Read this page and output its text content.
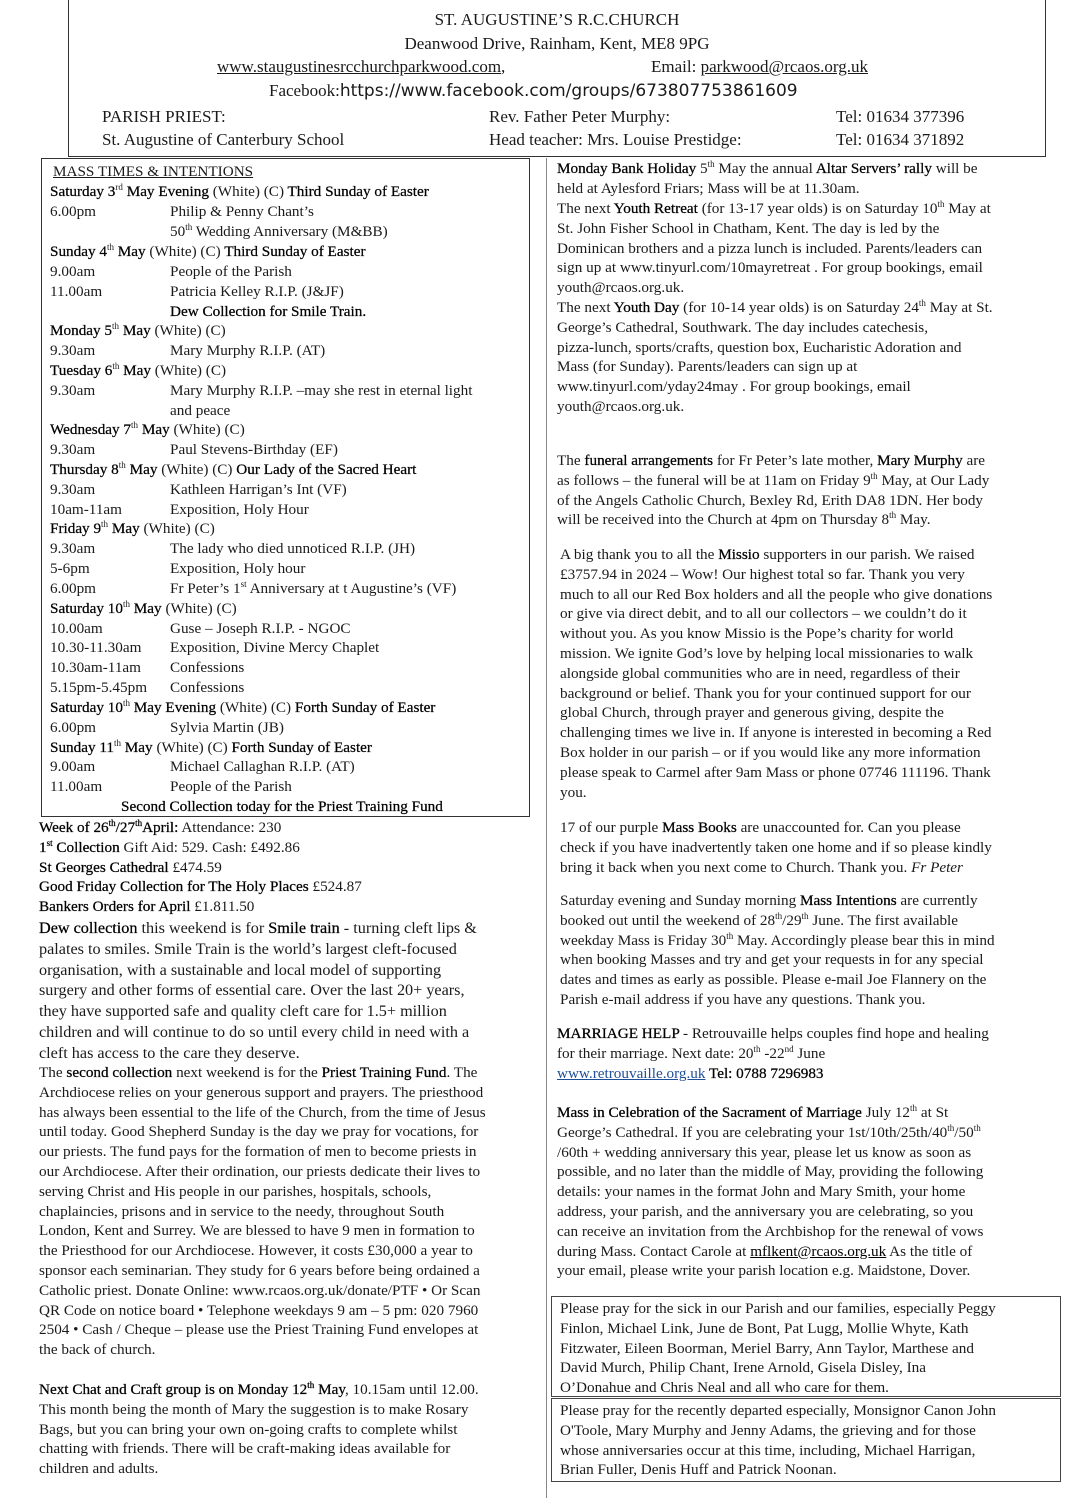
ST. AUGUSTINE’S R.C.CHURCH
Deanwood Drive, Rainham, Kent, ME8 9PG
www.staugustinesrcchurchparkwood.com,	Email: parkwood@rcaos.org.uk
Facebook:https://www.facebook.com/groups/673807753861609
PARISH PRIEST:	Rev. Father Peter Murphy:	Tel: 01634 377396
St. Augustine of Canterbury School	Head teacher: Mrs. Louise Prestidge:	Tel: 01634 371892
MASS TIMES & INTENTIONS
Saturday 3rd May Evening (White) (C) Third Sunday of Easter
6.00pm	Philip & Penny Chant’s
50th Wedding Anniversary (M&BB)
Sunday 4th May (White) (C) Third Sunday of Easter
9.00am	People of the Parish
11.00am	Patricia Kelley R.I.P. (J&JF)
Dew Collection for Smile Train.
Monday 5th May (White) (C)
9.30am	Mary Murphy R.I.P. (AT)
Tuesday 6th May (White) (C)
9.30am	Mary Murphy R.I.P. –may she rest in eternal light
and peace
Wednesday 7th May (White) (C)
9.30am	Paul Stevens-Birthday (EF)
Thursday 8th May (White) (C) Our Lady of the Sacred Heart
9.30am	Kathleen Harrigan’s Int (VF)
10am-11am	Exposition, Holy Hour
Friday 9th May (White) (C)
9.30am	The lady who died unnoticed R.I.P. (JH)
5-6pm	Exposition, Holy hour
6.00pm	Fr Peter’s 1st Anniversary at t Augustine’s (VF)
Saturday 10th May (White) (C)
10.00am	Guse – Joseph R.I.P. - NGOC
10.30-11.30am Exposition, Divine Mercy Chaplet
10.30am-11am Confessions
5.15pm-5.45pm Confessions
Saturday 10th May Evening (White) (C) Forth Sunday of Easter
6.00pm	Sylvia Martin (JB)
Sunday 11th May (White) (C) Forth Sunday of Easter
9.00am	Michael Callaghan R.I.P. (AT)
11.00am	People of the Parish
Second Collection today for the Priest Training Fund
Week of 26th/27thApril: Attendance: 230
1st Collection Gift Aid: 529. Cash: £492.86
St Georges Cathedral £474.59
Good Friday Collection for The Holy Places £524.87
Bankers Orders for April £1.811.50
Dew collection this weekend is for Smile train - turning cleft lips &
palates to smiles. Smile Train is the world’s largest cleft-focused
organisation, with a sustainable and local model of supporting
surgery and other forms of essential care. Over the last 20+ years,
they have supported safe and quality cleft care for 1.5+ million
children and will continue to do so until every child in need with a
cleft has access to the care they deserve.
The second collection next weekend is for the Priest Training Fund. The
Archdiocese relies on your generous support and prayers. The priesthood
has always been essential to the life of the Church, from the time of Jesus
until today. Good Shepherd Sunday is the day we pray for vocations, for
our priests. The fund pays for the formation of men to become priests in
our Archdiocese. After their ordination, our priests dedicate their lives to
serving Christ and His people in our parishes, hospitals, schools,
chaplaincies, prisons and in service to the needy, throughout South
London, Kent and Surrey. We are blessed to have 9 men in formation to
the Priesthood for our Archdiocese. However, it costs £30,000 a year to
sponsor each seminarian. They study for 6 years before being ordained a
Catholic priest. Donate Online: www.rcaos.org.uk/donate/PTF • Or Scan
QR Code on notice board • Telephone weekdays 9 am – 5 pm: 020 7960
2504 • Cash / Cheque – please use the Priest Training Fund envelopes at
the back of church.
Next Chat and Craft group is on Monday 12th May, 10.15am until 12.00.
This month being the month of Mary the suggestion is to make Rosary
Bags, but you can bring your own on-going crafts to complete whilst
chatting with friends. There will be craft-making ideas available for
children and adults.
Monday Bank Holiday 5th May the annual Altar Servers’ rally will be
held at Aylesford Friars; Mass will be at 11.30am.
The next Youth Retreat (for 13-17 year olds) is on Saturday 10th May at
St. John Fisher School in Chatham, Kent. The day is led by the
Dominican brothers and a pizza lunch is included. Parents/leaders can
sign up at www.tinyurl.com/10mayretreat . For group bookings, email
youth@rcaos.org.uk.
The next Youth Day (for 10-14 year olds) is on Saturday 24th May at St.
George’s Cathedral, Southwark. The day includes catechesis,
pizza-lunch, sports/crafts, question box, Eucharistic Adoration and
Mass (for Sunday). Parents/leaders can sign up at
www.tinyurl.com/yday24may . For group bookings, email
youth@rcaos.org.uk.
The funeral arrangements for Fr Peter’s late mother, Mary Murphy are
as follows – the funeral will be at 11am on Friday 9th May, at Our Lady
of the Angels Catholic Church, Bexley Rd, Erith DA8 1DN. Her body
will be received into the Church at 4pm on Thursday 8th May.
A big thank you to all the Missio supporters in our parish. We raised
£3757.94 in 2024 – Wow! Our highest total so far. Thank you very
much to all our Red Box holders and all the people who give donations
or give via direct debit, and to all our collectors – we couldn’t do it
without you. As you know Missio is the Pope’s charity for world
mission. We ignite God’s love by helping local missionaries to walk
alongside global communities who are in need, regardless of their
background or belief. Thank you for your continued support for our
global Church, through prayer and generous giving, despite the
challenging times we live in. If anyone is interested in becoming a Red
Box holder in our parish – or if you would like any more information
please speak to Carmel after 9am Mass or phone 07746 111196. Thank
you.
17 of our purple Mass Books are unaccounted for. Can you please
check if you have inadvertently taken one home and if so please kindly
bring it back when you next come to Church. Thank you. Fr Peter
Saturday evening and Sunday morning Mass Intentions are currently
booked out until the weekend of 28th/29th June. The first available
weekday Mass is Friday 30th May. Accordingly please bear this in mind
when booking Masses and try and get your requests in for any special
dates and times as early as possible. Please e-mail Joe Flannery on the
Parish e-mail address if you have any questions. Thank you.
MARRIAGE HELP - Retrouvaille helps couples find hope and healing
for their marriage. Next date: 20th -22nd June
www.retrouvaille.org.uk Tel: 0788 7296983
Mass in Celebration of the Sacrament of Marriage July 12th at St
George’s Cathedral. If you are celebrating your 1st/10th/25th/40th/50th
/60th + wedding anniversary this year, please let us know as soon as
possible, and no later than the middle of May, providing the following
details: your names in the format John and Mary Smith, your home
address, your parish, and the anniversary you are celebrating, so you
can receive an invitation from the Archbishop for the renewal of vows
during Mass. Contact Carole at mflkent@rcaos.org.uk As the title of
your email, please write your parish location e.g. Maidstone, Dover.
Please pray for the sick in our Parish and our families, especially Peggy
Finlon, Michael Link, June de Bont, Pat Lugg, Mollie Whyte, Kath
Fitzwater, Eileen Boorman, Meriel Barry, Ann Taylor, Marthese and
David Murch, Philip Chant, Irene Arnold, Gisela Disley, Ina
O’Donahue and Chris Neal and all who care for them.
Please pray for the recently departed especially, Monsignor Canon John
O'Toole, Mary Murphy and Jenny Adams, the grieving and for those
whose anniversaries occur at this time, including, Michael Harrigan,
Brian Fuller, Denis Huff and Patrick Noonan.
